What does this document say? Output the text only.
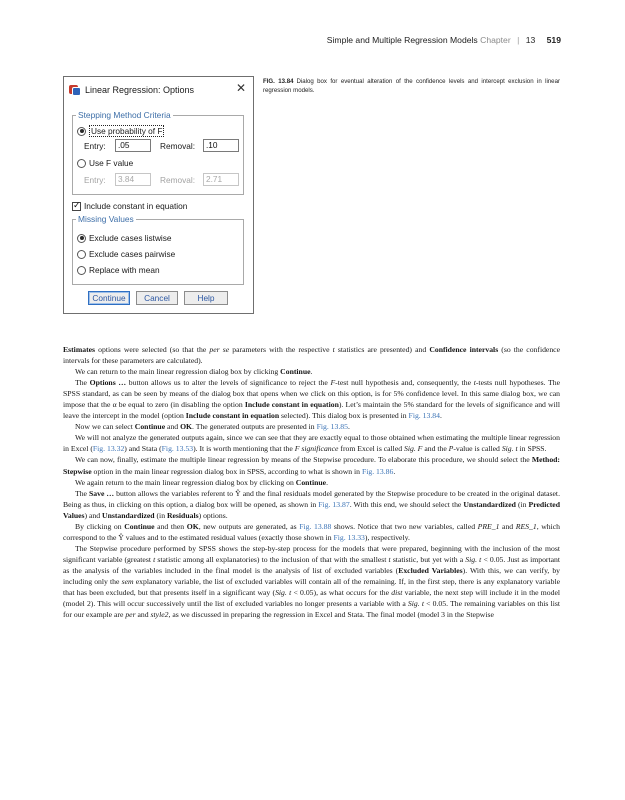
Simple and Multiple Regression Models Chapter | 13 519
Linear Regression: Options	✕
Stepping Method Criteria
Use probability of F
Entry:	.05	Removal:	.10
Use F value
Entry:	3.84	Removal:	2.71
✓
Include constant in equation
Missing Values
Exclude cases listwise
Exclude cases pairwise
Replace with mean
Continue	Cancel	Help
FIG. 13.84 Dialog box for eventual alteration of the confidence levels and intercept exclusion in linear regression models.

Estimates options were selected (so that the per se parameters with the respective t statistics are presented) and Confidence intervals (so the confidence intervals for these parameters are calculated).

We can return to the main linear regression dialog box by clicking Continue.

The Options … button allows us to alter the levels of significance to reject the F-test null hypothesis and, consequently, the t-tests null hypotheses. The SPSS standard, as can be seen by means of the dialog box that opens when we click on this option, is for 5% confidence level. In this same dialog box, we can impose that the α be equal to zero (in disabling the option Include constant in equation). Let’s maintain the 5% standard for the levels of significance and will leave the intercept in the model (option Include constant in equation selected). This dialog box is presented in Fig. 13.84.

Now we can select Continue and OK. The generated outputs are presented in Fig. 13.85.

We will not analyze the generated outputs again, since we can see that they are exactly equal to those obtained when estimating the multiple linear regression in Excel (Fig. 13.32) and Stata (Fig. 13.53). It is worth mentioning that the F significance from Excel is called Sig. F and the P-value is called Sig. t in SPSS.

We can now, finally, estimate the multiple linear regression by means of the Stepwise procedure. To elaborate this procedure, we should select the Method: Stepwise option in the main linear regression dialog box in SPSS, according to what is shown in Fig. 13.86.

We again return to the main linear regression dialog box by clicking on Continue.

The Save … button allows the variables referent to Ŷ and the final residuals model generated by the Stepwise procedure to be created in the original dataset. Being as thus, in clicking on this option, a dialog box will be opened, as shown in Fig. 13.87. With this end, we should select the Unstandardized (in Predicted Values) and Unstandardized (in Residuals) options.

By clicking on Continue and then OK, new outputs are generated, as Fig. 13.88 shows. Notice that two new variables, called PRE_1 and RES_1, which correspond to the Ŷ values and to the estimated residual values (exactly those shown in Fig. 13.33), respectively.

The Stepwise procedure performed by SPSS shows the step-by-step process for the models that were prepared, beginning with the inclusion of the most significant variable (greatest t statistic among all explanatories) to the inclusion of that with the smallest t statistic, but yet with a Sig. t < 0.05. Just as important as the analysis of the variables included in the final model is the analysis of list of excluded variables (Excluded Variables). With this, we can verify, by including only the sem explanatory variable, the list of excluded variables will contain all of the remaining. If, in the first step, there is any explanatory variable that has been excluded, but that presents itself in a significant way (Sig. t < 0.05), as what occurs for the dist variable, the next step will include it in the model (model 2). This will occur successively until the list of excluded variables no longer presents a variable with a Sig. t < 0.05. The remaining variables on this list for our example are per and style2, as we discussed in preparing the regression in Excel and Stata. The final model (model 3 in the Stepwise
